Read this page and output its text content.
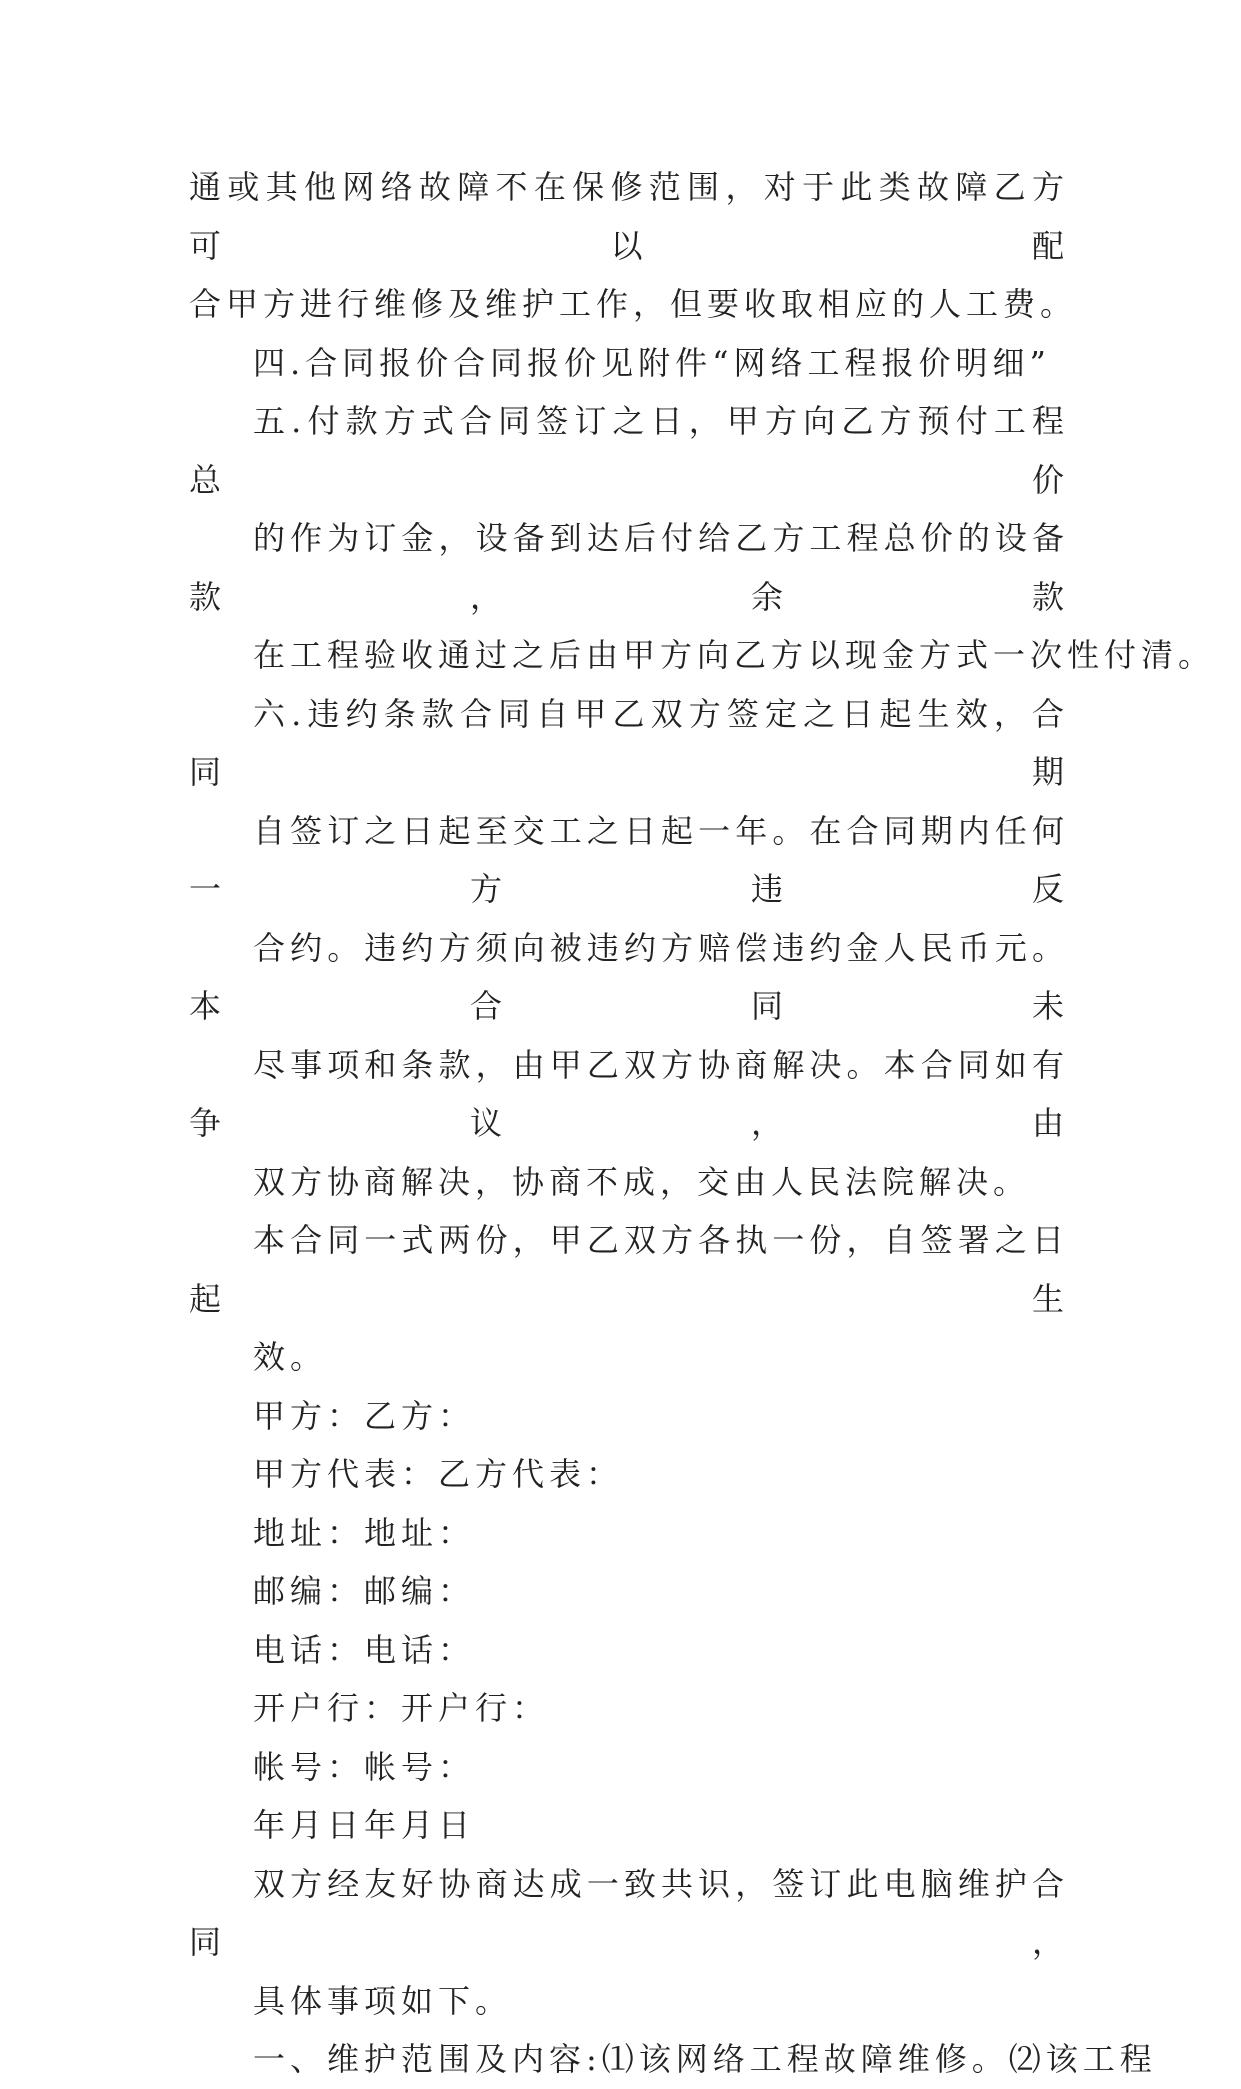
通或其他网络故障不在保修范围，对于此类故障乙方可以配
合甲方进行维修及维护工作，但要收取相应的人工费。
四.合同报价合同报价见附件“网络工程报价明细”
五.付款方式合同签订之日，甲方向乙方预付工程总价
的作为订金，设备到达后付给乙方工程总价的设备款，余款
在工程验收通过之后由甲方向乙方以现金方式一次性付清。
六.违约条款合同自甲乙双方签定之日起生效，合同期
自签订之日起至交工之日起一年。在合同期内任何一方违反
合约。违约方须向被违约方赔偿违约金人民币元。本合同未
尽事项和条款，由甲乙双方协商解决。本合同如有争议，由
双方协商解决，协商不成，交由人民法院解决。
本合同一式两份，甲乙双方各执一份，自签署之日起生
效。
甲方：乙方：
甲方代表：乙方代表：
地址：地址：
邮编：邮编：
电话：电话：
开户行：开户行：
帐号：帐号：
年月日年月日
双方经友好协商达成一致共识，签订此电脑维护合同，
具体事项如下。
一、维护范围及内容:⑴该网络工程故障维修。⑵该工程
